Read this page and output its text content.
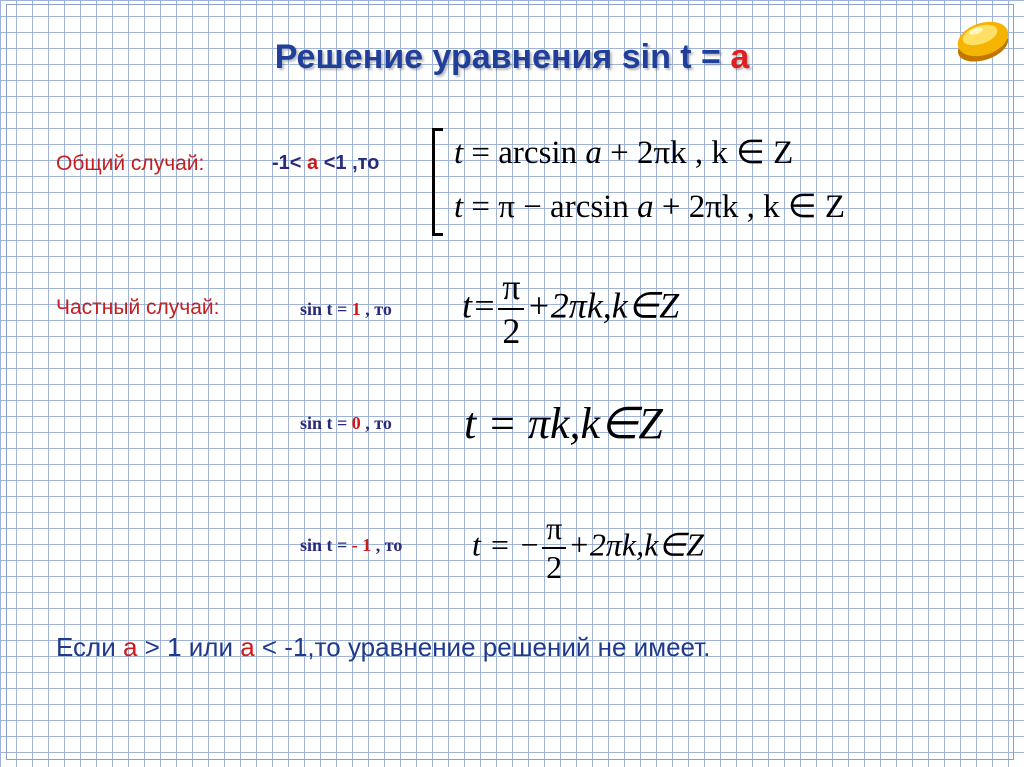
Решение уравнения sin t = a
Общий случай:	-1< a <1 ,то t = arcsin a + 2πk , k ∈ Z
t = π − arcsin a + 2πk , k ∈ Z
Частный случай:	sin t = 1 , то $t= \frac{\pi}{2}$ +2πk,k∈Z
sin t = 0 , то t = πk,k∈Z
sin t = - 1 , то t = − $\frac{\pi}{2}$ +2πk,k∈Z
Если a > 1 или a < -1,то уравнение решений не имеет.
